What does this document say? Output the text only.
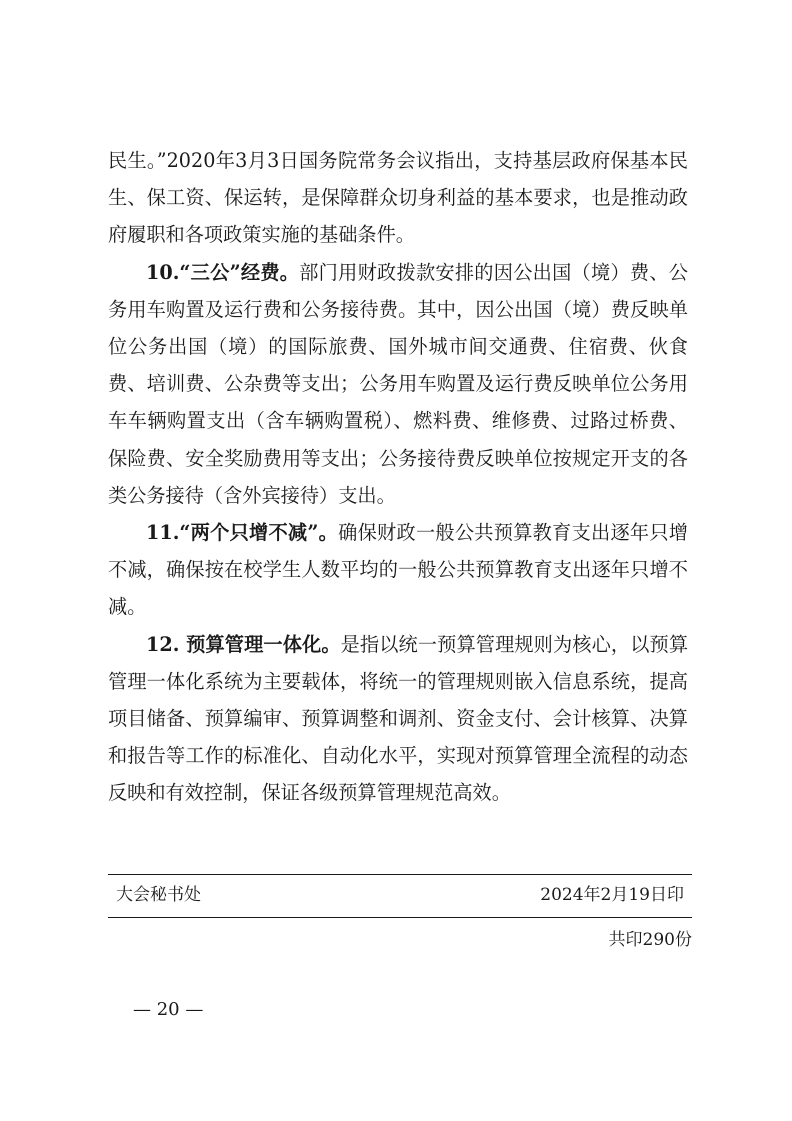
民生。”2020年3月3日国务院常务会议指出，支持基层政府保基本民生、保工资、保运转，是保障群众切身利益的基本要求，也是推动政府履职和各项政策实施的基础条件。

10.“三公”经费。部门用财政拨款安排的因公出国（境）费、公务用车购置及运行费和公务接待费。其中，因公出国（境）费反映单位公务出国（境）的国际旅费、国外城市间交通费、住宿费、伙食费、培训费、公杂费等支出；公务用车购置及运行费反映单位公务用车车辆购置支出（含车辆购置税）、燃料费、维修费、过路过桥费、保险费、安全奖励费用等支出；公务接待费反映单位按规定开支的各类公务接待（含外宾接待）支出。

11.“两个只增不减”。确保财政一般公共预算教育支出逐年只增不减，确保按在校学生人数平均的一般公共预算教育支出逐年只增不减。

12. 预算管理一体化。是指以统一预算管理规则为核心，以预算管理一体化系统为主要载体，将统一的管理规则嵌入信息系统，提高项目储备、预算编审、预算调整和调剂、资金支付、会计核算、决算和报告等工作的标准化、自动化水平，实现对预算管理全流程的动态反映和有效控制，保证各级预算管理规范高效。

大会秘书处	2024年2月19日印
共印290份
— 20 —
